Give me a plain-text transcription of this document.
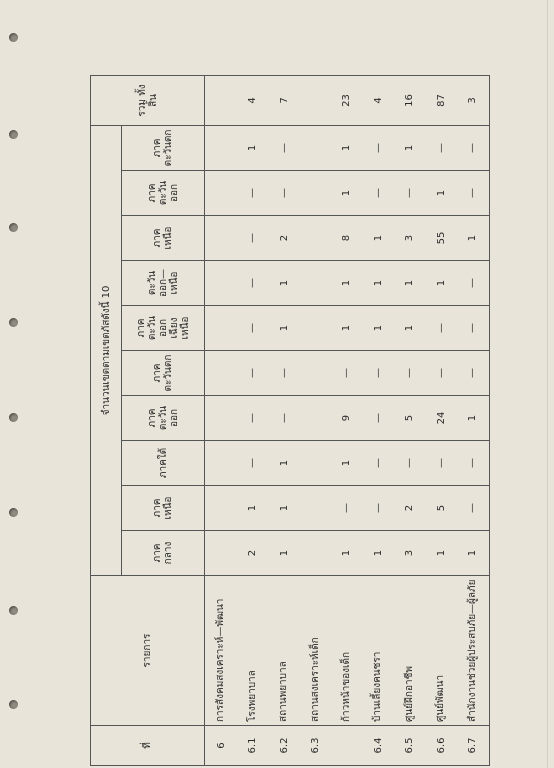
ที่	รายการ	จำนวนเขตตามเขตภัสดังนี้ 10										รวม ทั้งสิ้น
		ภาคกลาง	ภาคเหนือ	ภาคใต้	ภาคตะวันออก	ภาคตะวันตก	ภาคตะวันออกเฉียงเหนือ	ตะวันออก—เหนือ	ภาคเหนือ	ภาคตะวันออก	ภาคตะวันตก	
6	การสังคมสงเคราะห์—พัฒนา											
6.1	โรงพยาบาล	2	1	—	—	—	—	—	—	—	1	4
6.2	สถานพยาบาล	1	1	1	—	—	1	1	2	—	—	7
6.3	สถานสงเคราะห์เด็ก											
	ก้าวหน้าของเด็ก	1	—	1	9	—	1	1	8	1	1	23
6.4	บ้านเลี้ยงคนชรา	1	—	—	—	—	1	1	1	—	—	4
6.5	ศูนย์ฝึกอาชีพ	3	2	—	5	—	1	1	3	—	1	16
6.6	ศูนย์พัฒนา	1	5	—	24	—	—	1	55	1	—	87
6.7	สำนักงานช่วยผู้ประสบภัย—ผู้ลภัย	1	—	—	1	—	—	—	1	—	—	3
